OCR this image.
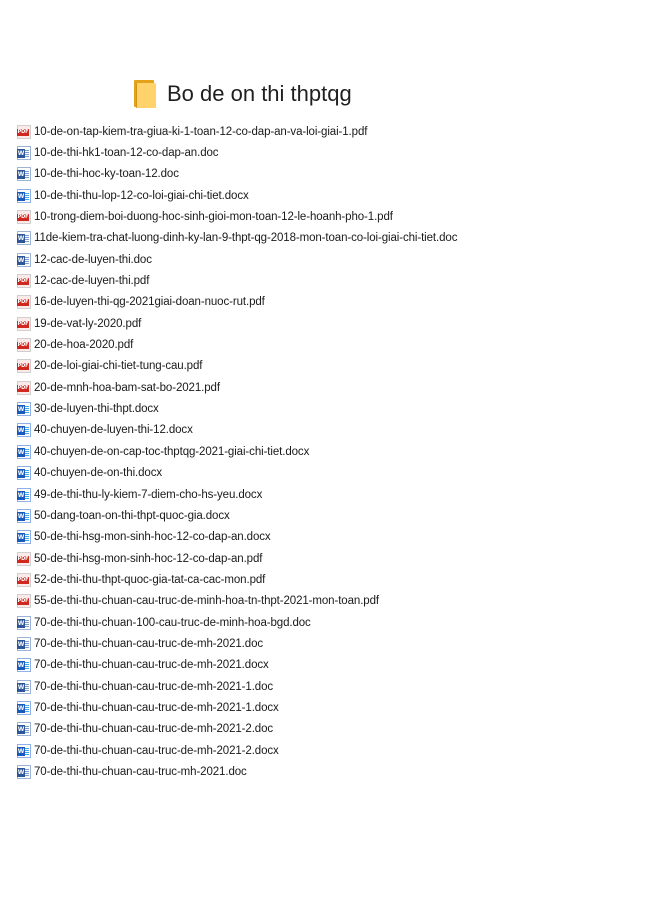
Bo de on thi thptqg
PDF 10-de-on-tap-kiem-tra-giua-ki-1-toan-12-co-dap-an-va-loi-giai-1.pdf
W 10-de-thi-hk1-toan-12-co-dap-an.doc
W 10-de-thi-hoc-ky-toan-12.doc
W 10-de-thi-thu-lop-12-co-loi-giai-chi-tiet.docx
PDF 10-trong-diem-boi-duong-hoc-sinh-gioi-mon-toan-12-le-hoanh-pho-1.pdf
W 11de-kiem-tra-chat-luong-dinh-ky-lan-9-thpt-qg-2018-mon-toan-co-loi-giai-chi-tiet.doc
W 12-cac-de-luyen-thi.doc
PDF 12-cac-de-luyen-thi.pdf
PDF 16-de-luyen-thi-qg-2021giai-doan-nuoc-rut.pdf
PDF 19-de-vat-ly-2020.pdf
PDF 20-de-hoa-2020.pdf
PDF 20-de-loi-giai-chi-tiet-tung-cau.pdf
PDF 20-de-mnh-hoa-bam-sat-bo-2021.pdf
W 30-de-luyen-thi-thpt.docx
W 40-chuyen-de-luyen-thi-12.docx
W 40-chuyen-de-on-cap-toc-thptqg-2021-giai-chi-tiet.docx
W 40-chuyen-de-on-thi.docx
W 49-de-thi-thu-ly-kiem-7-diem-cho-hs-yeu.docx
W 50-dang-toan-on-thi-thpt-quoc-gia.docx
W 50-de-thi-hsg-mon-sinh-hoc-12-co-dap-an.docx
PDF 50-de-thi-hsg-mon-sinh-hoc-12-co-dap-an.pdf
PDF 52-de-thi-thu-thpt-quoc-gia-tat-ca-cac-mon.pdf
PDF 55-de-thi-thu-chuan-cau-truc-de-minh-hoa-tn-thpt-2021-mon-toan.pdf
W 70-de-thi-thu-chuan-100-cau-truc-de-minh-hoa-bgd.doc
W 70-de-thi-thu-chuan-cau-truc-de-mh-2021.doc
W 70-de-thi-thu-chuan-cau-truc-de-mh-2021.docx
W 70-de-thi-thu-chuan-cau-truc-de-mh-2021-1.doc
W 70-de-thi-thu-chuan-cau-truc-de-mh-2021-1.docx
W 70-de-thi-thu-chuan-cau-truc-de-mh-2021-2.doc
W 70-de-thi-thu-chuan-cau-truc-de-mh-2021-2.docx
W 70-de-thi-thu-chuan-cau-truc-mh-2021.doc
